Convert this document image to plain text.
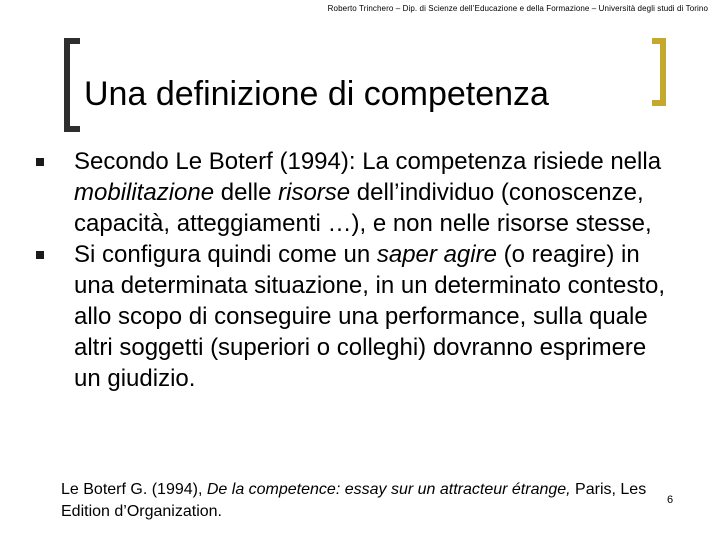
Roberto Trinchero – Dip. di Scienze dell’Educazione e della Formazione – Università degli studi di Torino
Una definizione di competenza
Secondo Le Boterf (1994): La competenza risiede nella mobilitazione delle risorse dell’individuo (conoscenze, capacità, atteggiamenti …), e non nelle risorse stesse,
Si configura quindi come un saper agire (o reagire) in una determinata situazione, in un determinato contesto, allo scopo di conseguire una performance, sulla quale altri soggetti (superiori o colleghi) dovranno esprimere un giudizio.
Le Boterf G. (1994), De la competence: essay sur un attracteur étrange, Paris, Les Edition d’Organization.
6
